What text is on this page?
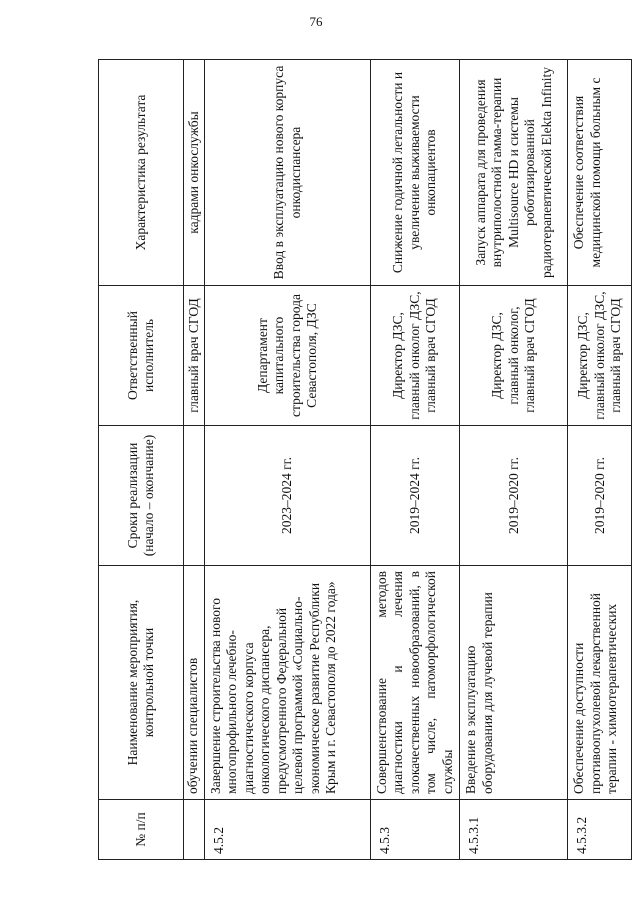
76
№ п/п	Наименование мероприятия, контрольной точки	Сроки реализации (начало – окончание)	Ответственный исполнитель	Характеристика результата
	обучении специалистов		главный врач СГОД	кадрами онкослужбы
4.5.2	Завершение строительства нового многопрофильного лечебно-диагностического корпуса онкологического диспансера, предусмотренного Федеральной целевой программой «Социально-экономическое развитие Республики Крым и г. Севастополя до 2022 года»	2023–2024 гг.	Департамент капитального строительства города Севастополя, ДЗС	Ввод в эксплуатацию нового корпуса онкодиспансера
4.5.3	Совершенствование методов диагностики и лечения злокачественных новообразований, в том числе, патоморфологической службы	2019–2024 гг.	Директор ДЗС, главный онколог ДЗС, главный врач СГОД	Снижение годичной летальности и увеличение выживаемости онкопациентов
4.5.3.1	Введение в эксплуатацию оборудования для лучевой терапии	2019–2020 гг.	Директор ДЗС, главный онколог, главный врач СГОД	Запуск аппарата для проведения внутриполостной гамма-терапии Multisource HD и системы роботизированной радиотерапевтической Elekta Infinity
4.5.3.2	Обеспечение доступности противоопухолевой лекарственной терапии - химиотерапевтических	2019–2020 гг.	Директор ДЗС, главный онколог ДЗС, главный врач СГОД	Обеспечение соответствия медицинской помощи больным с
